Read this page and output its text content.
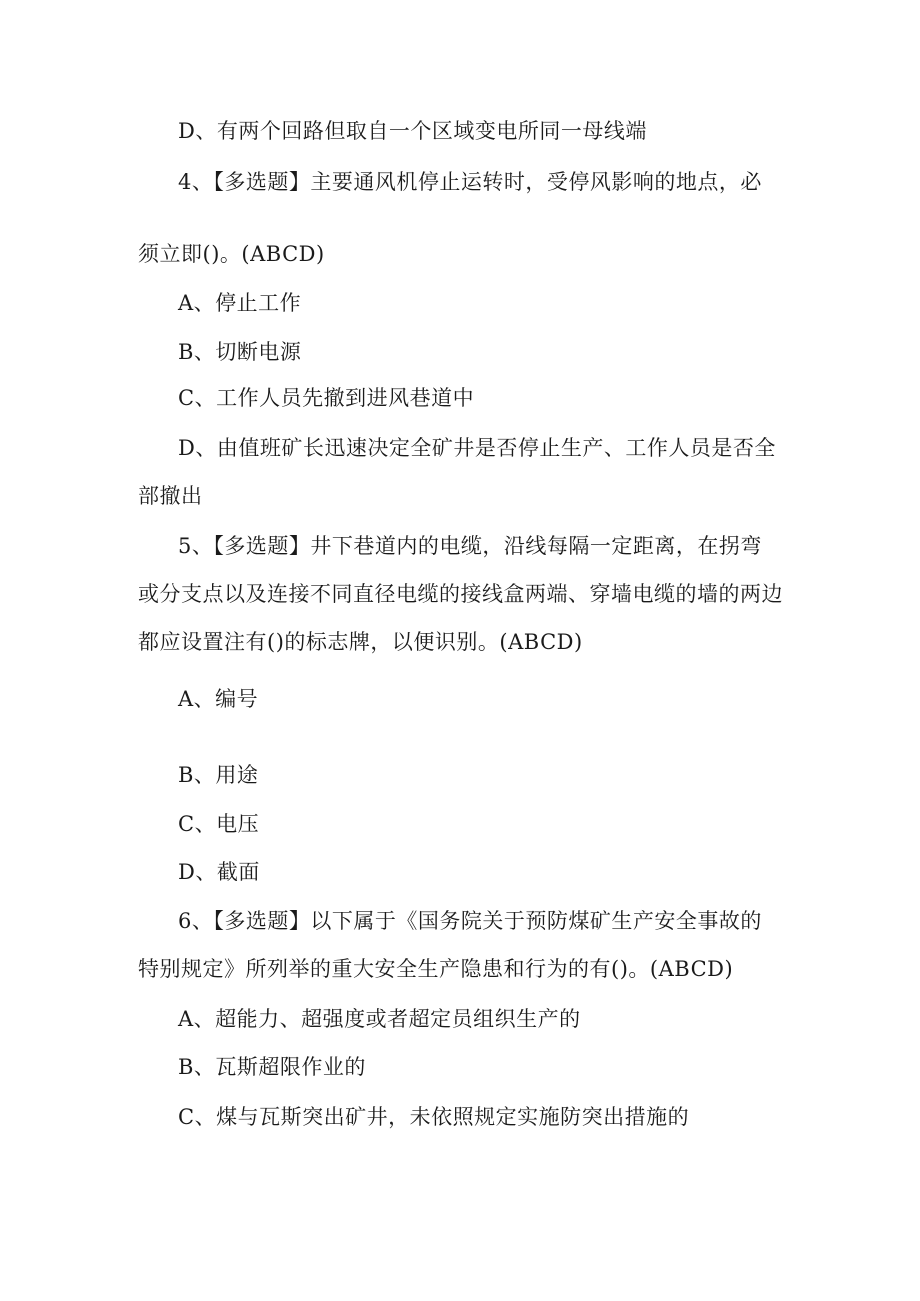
D、有两个回路但取自一个区域变电所同一母线端
4、【多选题】主要通风机停止运转时，受停风影响的地点，必
须立即()。(ABCD)
A、停止工作
B、切断电源
C、工作人员先撤到进风巷道中
D、由值班矿长迅速决定全矿井是否停止生产、工作人员是否全
部撤出
5、【多选题】井下巷道内的电缆，沿线每隔一定距离，在拐弯
或分支点以及连接不同直径电缆的接线盒两端、穿墙电缆的墙的两边
都应设置注有()的标志牌，以便识别。(ABCD)
A、编号
B、用途
C、电压
D、截面
6、【多选题】以下属于《国务院关于预防煤矿生产安全事故的
特别规定》所列举的重大安全生产隐患和行为的有()。(ABCD)
A、超能力、超强度或者超定员组织生产的
B、瓦斯超限作业的
C、煤与瓦斯突出矿井，未依照规定实施防突出措施的
